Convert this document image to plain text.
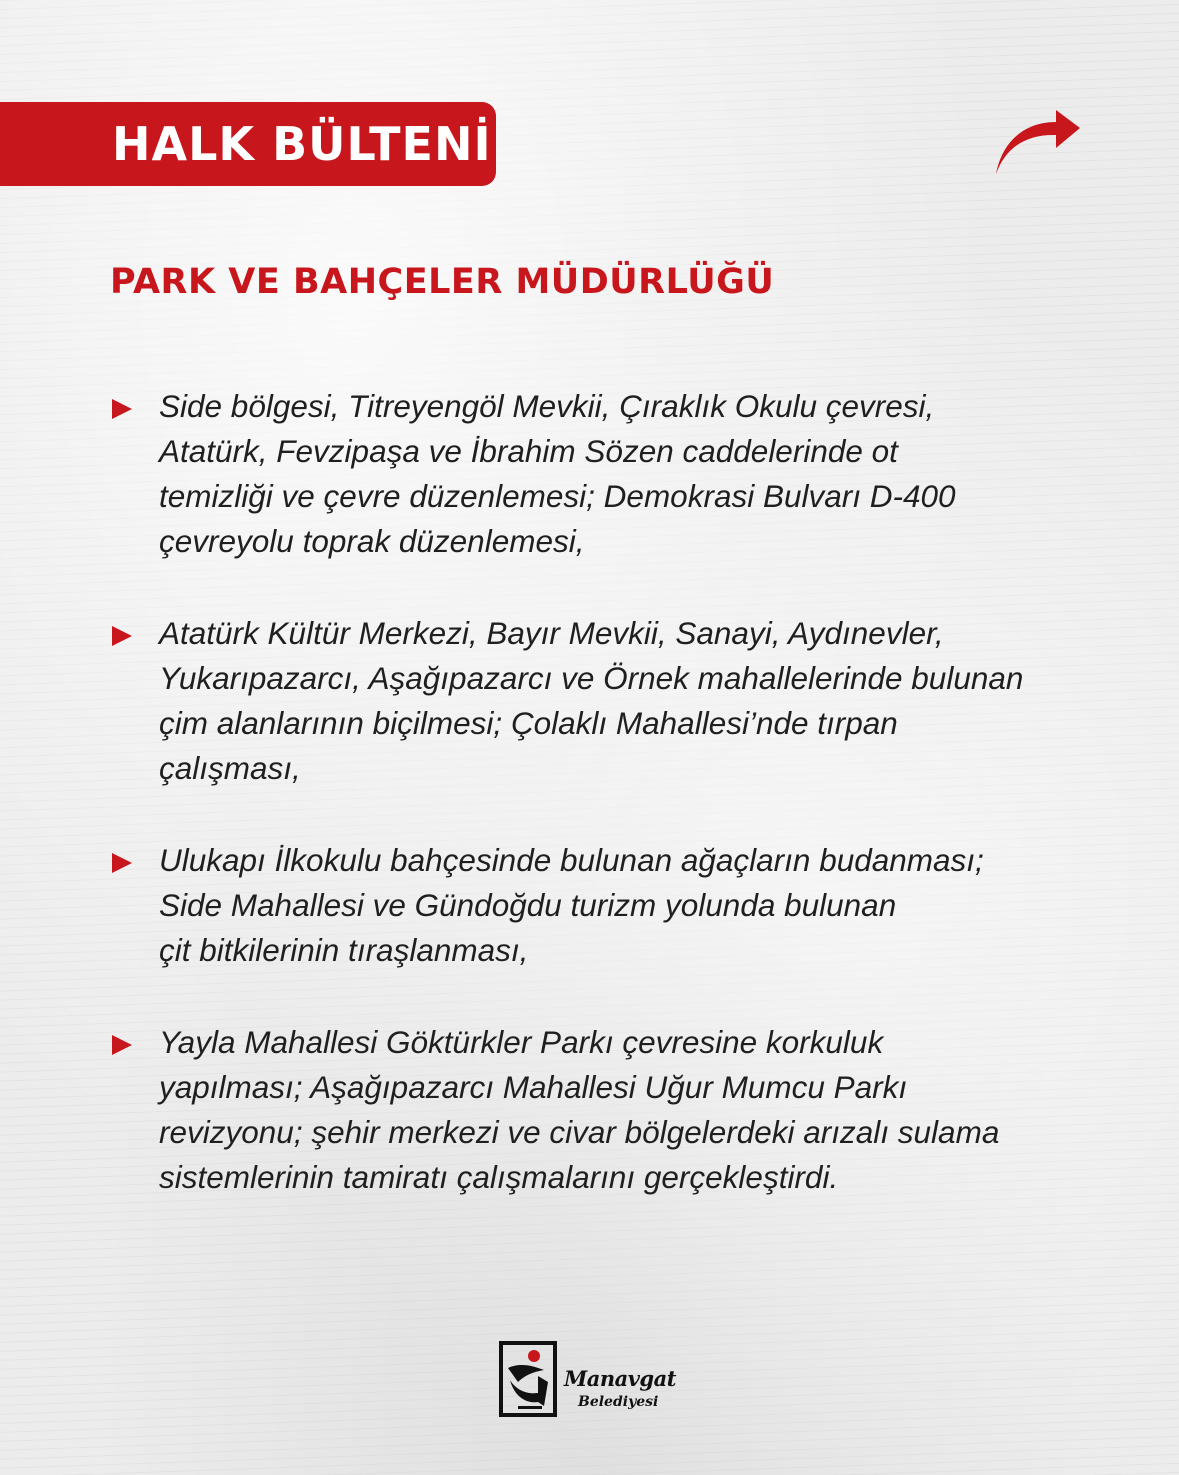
HALK BÜLTENİ
PARK VE BAHÇELER MÜDÜRLÜĞÜ
Side bölgesi, Titreyengöl Mevkii, Çıraklık Okulu çevresi,
Atatürk, Fevzipaşa ve İbrahim Sözen caddelerinde ot
temizliği ve çevre düzenlemesi; Demokrasi Bulvarı D-400
çevreyolu toprak düzenlemesi,
Atatürk Kültür Merkezi, Bayır Mevkii, Sanayi, Aydınevler,
Yukarıpazarcı, Aşağıpazarcı ve Örnek mahallelerinde bulunan
çim alanlarının biçilmesi; Çolaklı Mahallesi’nde tırpan
çalışması,
Ulukapı İlkokulu bahçesinde bulunan ağaçların budanması;
Side Mahallesi ve Gündoğdu turizm yolunda bulunan
çit bitkilerinin tıraşlanması,
Yayla Mahallesi Göktürkler Parkı çevresine korkuluk
yapılması; Aşağıpazarcı Mahallesi Uğur Mumcu Parkı
revizyonu; şehir merkezi ve civar bölgelerdeki arızalı sulama
sistemlerinin tamiratı çalışmalarını gerçekleştirdi.
Manavgat
Belediyesi
